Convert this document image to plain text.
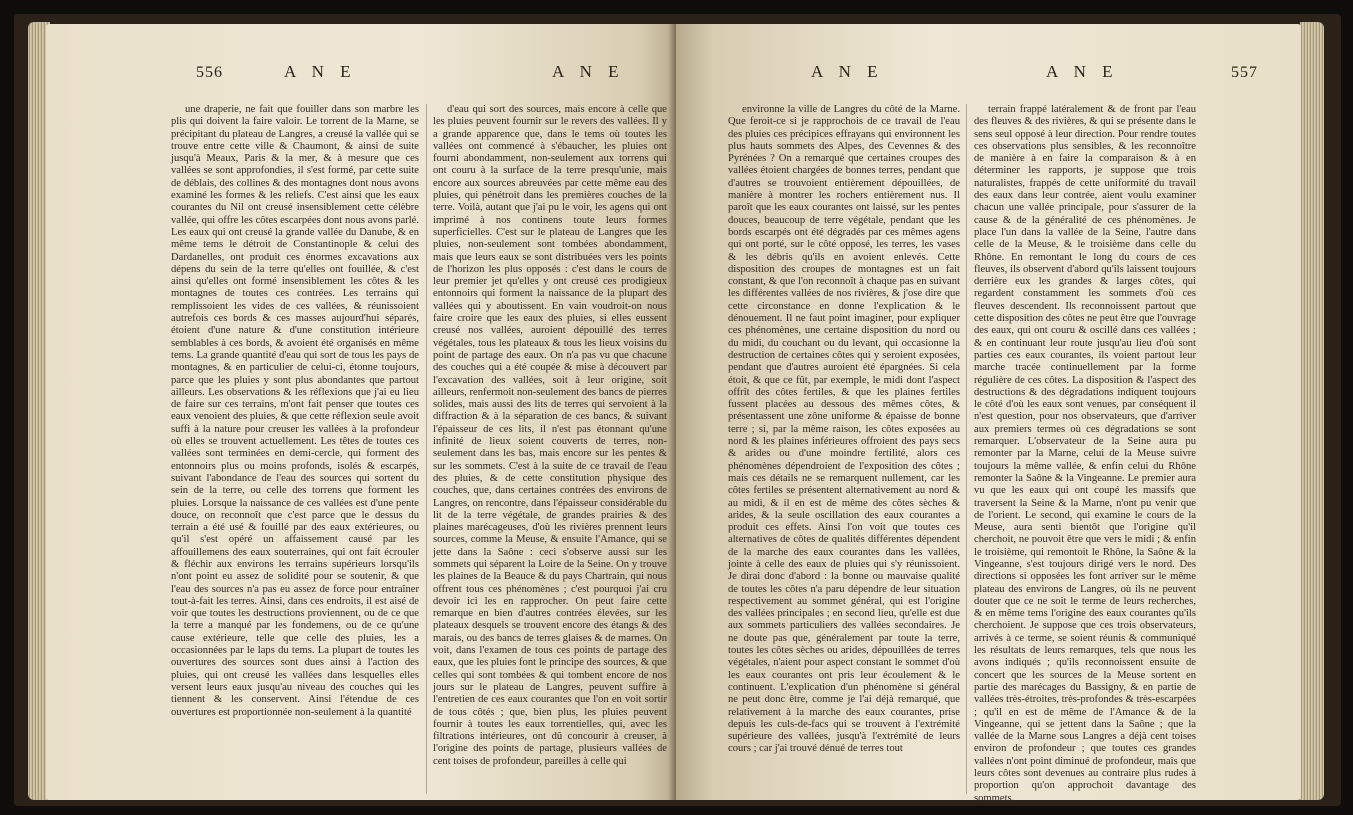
556	A N E	A N E

une draperie, ne fait que fouiller dans son marbre les plis qui doivent la faire valoir. Le torrent de la Marne, se précipitant du plateau de Langres, a creusé la vallée qui se trouve entre cette ville & Chaumont, & ainsi de suite jusqu'à Meaux, Paris & la mer, & à mesure que ces vallées se sont approfondies, il s'est formé, par cette suite de déblais, des collines & des montagnes dont nous avons examiné les formes & les reliefs. C'est ainsi que les eaux courantes du Nil ont creusé insensiblement cette célèbre vallée, qui offre les côtes escarpées dont nous avons parlé. Les eaux qui ont creusé la grande vallée du Danube, & en même tems le détroit de Constantinople & celui des Dardanelles, ont produit ces énormes excavations aux dépens du sein de la terre qu'elles ont fouillée, & c'est ainsi qu'elles ont formé insensiblement les côtes & les montagnes de toutes ces contrées. Les terrains qui remplissoient les vides de ces vallées, & réunissoient autrefois ces bords & ces masses aujourd'hui séparés, étoient d'une nature & d'une constitution intérieure semblables à ces bords, & avoient été organisés en même tems. La grande quantité d'eau qui sort de tous les pays de montagnes, & en particulier de celui-ci, étonne toujours, parce que les pluies y sont plus abondantes que partout ailleurs. Les observations & les réflexions que j'ai eu lieu de faire sur ces terrains, m'ont fait penser que toutes ces eaux venoient des pluies, & que cette réflexion seule avoit suffi à la nature pour creuser les vallées à la profondeur où elles se trouvent actuellement. Les têtes de toutes ces vallées sont terminées en demi-cercle, qui forment des entonnoirs plus ou moins profonds, isolés & escarpés, suivant l'abondance de l'eau des sources qui sortent du sein de la terre, ou celle des torrens que forment les pluies. Lorsque la naissance de ces vallées est d'une pente douce, on reconnoît que c'est parce que le dessus du terrain a été usé & fouillé par des eaux extérieures, ou qu'il s'est opéré un affaissement causé par les affouillemens des eaux souterraines, qui ont fait écrouler & fléchir aux environs les terrains supérieurs lorsqu'ils n'ont point eu assez de solidité pour se soutenir, & que l'eau des sources n'a pas eu assez de force pour entraîner tout-à-fait les terres. Ainsi, dans ces endroits, il est aisé de voir que toutes les destructions proviennent, ou de ce que la terre a manqué par les fondemens, ou de ce qu'une cause extérieure, telle que celle des pluies, les a occasionnées par le laps du tems. La plupart de toutes les ouvertures des sources sont dues ainsi à l'action des pluies, qui ont creusé les vallées dans lesquelles elles versent leurs eaux jusqu'au niveau des couches qui les tiennent & les conservent. Ainsi l'étendue de ces ouvertures est proportionnée non-seulement à la quantité

d'eau qui sort des sources, mais encore à celle que les pluies peuvent fournir sur le revers des vallées. Il y a grande apparence que, dans le tems où toutes les vallées ont commencé à s'ébaucher, les pluies ont fourni abondamment, non-seulement aux torrens qui ont couru à la surface de la terre presqu'unie, mais encore aux sources abreuvées par cette même eau des pluies, qui pénétroit dans les premières couches de la terre. Voilà, autant que j'ai pu le voir, les agens qui ont imprimé à nos continens toute leurs formes superficielles. C'est sur le plateau de Langres que les pluies, non-seulement sont tombées abondamment, mais que leurs eaux se sont distribuées vers les points de l'horizon les plus opposés : c'est dans le cours de leur premier jet qu'elles y ont creusé ces prodigieux entonnoirs qui forment la naissance de la plupart des vallées qui y aboutissent. En vain voudroit-on nous faire croire que les eaux des pluies, si elles eussent creusé nos vallées, auroient dépouillé des terres végétales, tous les plateaux & tous les lieux voisins du point de partage des eaux. On n'a pas vu que chacune des couches qui a été coupée & mise à découvert par l'excavation des vallées, soit à leur origine, soit ailleurs, renfermoit non-seulement des bancs de pierres solides, mais aussi des lits de terres qui servoient à la diffraction & à la séparation de ces bancs, & suivant l'épaisseur de ces lits, il n'est pas étonnant qu'une infinité de lieux soient couverts de terres, non-seulement dans les bas, mais encore sur les pentes & sur les sommets. C'est à la suite de ce travail de l'eau des pluies, & de cette constitution physique des couches, que, dans certaines contrées des environs de Langres, on rencontre, dans l'épaisseur considérable du lit de la terre végétale, de grandes prairies & des plaines marécageuses, d'où les rivières prennent leurs sources, comme la Meuse, & ensuite l'Amance, qui se jette dans la Saône : ceci s'observe aussi sur les sommets qui séparent la Loire de la Seine. On y trouve les plaines de la Beauce & du pays Chartrain, qui nous offrent tous ces phénomènes ; c'est pourquoi j'ai cru devoir ici les en rapprocher. On peut faire cette remarque en bien d'autres contrées élevées, sur les plateaux desquels se trouvent encore des étangs & des marais, ou des bancs de terres glaises & de marnes. On voit, dans l'examen de tous ces points de partage des eaux, que les pluies font le principe des sources, & que celles qui sont tombées & qui tombent encore de nos jours sur le plateau de Langres, peuvent suffire à l'entretien de ces eaux courantes que l'on en voit sortir de tous côtés ; que, bien plus, les pluies peuvent fournir à toutes les eaux torrentielles, qui, avec les filtrations intérieures, ont dû concourir à creuser, à l'origine des points de partage, plusieurs vallées de cent toises de profondeur, pareilles à celle qui

A N E	A N E	557

environne la ville de Langres du côté de la Marne. Que feroit-ce si je rapprochois de ce travail de l'eau des pluies ces précipices effrayans qui environnent les plus hauts sommets des Alpes, des Cevennes & des Pyrénées ? On a remarqué que certaines croupes des vallées étoient chargées de bonnes terres, pendant que d'autres se trouvoient entièrement dépouillées, de manière à montrer les rochers entièrement nus. Il paroît que les eaux courantes ont laissé, sur les pentes douces, beaucoup de terre végétale, pendant que les bords escarpés ont été dégradés par ces mêmes agens qui ont porté, sur le côté opposé, les terres, les vases & les débris qu'ils en avoient enlevés. Cette disposition des croupes de montagnes est un fait constant, & que l'on reconnoît à chaque pas en suivant les différentes vallées de nos rivières, & j'ose dire que cette circonstance en donne l'explication & le dénouement. Il ne faut point imaginer, pour expliquer ces phénomènes, une certaine disposition du nord ou du midi, du couchant ou du levant, qui occasionne la destruction de certaines côtes qui y seroient exposées, pendant que d'autres auroient été épargnées. Si cela étoit, & que ce fût, par exemple, le midi dont l'aspect offrît des côtes fertiles, & que les plaines fertiles fussent placées au dessous des mêmes côtes, & présentassent une zône uniforme & épaisse de bonne terre ; si, par la même raison, les côtes exposées au nord & les plaines inférieures offroient des pays secs & arides ou d'une moindre fertilité, alors ces phénomènes dépendroient de l'exposition des côtes ; mais ces détails ne se remarquent nullement, car les côtes fertiles se présentent alternativement au nord & au midi, & il en est de même des côtes sèches & arides, & la seule oscillation des eaux courantes a produit ces effets. Ainsi l'on voit que toutes ces alternatives de côtes de qualités différentes dépendent de la marche des eaux courantes dans les vallées, jointe à celle des eaux de pluies qui s'y réunissoient. Je dirai donc d'abord : la bonne ou mauvaise qualité de toutes les côtes n'a paru dépendre de leur situation respectivement au sommet général, qui est l'origine des vallées principales ; en second lieu, qu'elle est due aux sommets particuliers des vallées secondaires. Je ne doute pas que, généralement par toute la terre, toutes les côtes sèches ou arides, dépouillées de terres végétales, n'aient pour aspect constant le sommet d'où les eaux courantes ont pris leur écoulement & le continuent. L'explication d'un phénomène si général ne peut donc être, comme je l'ai déjà remarqué, que relativement à la marche des eaux courantes, prise depuis les culs-de-facs qui se trouvent à l'extrémité supérieure des vallées, jusqu'à l'extrémité de leurs cours ; car j'ai trouvé dénué de terres tout

terrain frappé latéralement & de front par l'eau des fleuves & des rivières, & qui se présente dans le sens seul opposé à leur direction. Pour rendre toutes ces observations plus sensibles, & les reconnoître de manière à en faire la comparaison & à en déterminer les rapports, je suppose que trois naturalistes, frappés de cette uniformité du travail des eaux dans leur contrée, aient voulu examiner chacun une vallée principale, pour s'assurer de la cause & de la généralité de ces phénomènes. Je place l'un dans la vallée de la Seine, l'autre dans celle de la Meuse, & le troisième dans celle du Rhône. En remontant le long du cours de ces fleuves, ils observent d'abord qu'ils laissent toujours derrière eux les grandes & larges côtes, qui regardent constamment les sommets d'où ces fleuves descendent. Ils reconnoissent partout que cette disposition des côtes ne peut être que l'ouvrage des eaux, qui ont couru & oscillé dans ces vallées ; & en continuant leur route jusqu'au lieu d'où sont parties ces eaux courantes, ils voient partout leur marche tracée continuellement par la forme régulière de ces côtes. La disposition & l'aspect des destructions & des dégradations indiquent toujours le côté d'où les eaux sont venues, par conséquent il n'est question, pour nos observateurs, que d'arriver aux premiers termes où ces dégradations se sont remarquer. L'observateur de la Seine aura pu remonter par la Marne, celui de la Meuse suivre toujours la même vallée, & enfin celui du Rhône remonter la Saône & la Vingeanne. Le premier aura vu que les eaux qui ont coupé les massifs que traversent la Seine & la Marne, n'ont pu venir que de l'orient. Le second, qui examine le cours de la Meuse, aura senti bientôt que l'origine qu'il cherchoit, ne pouvoit être que vers le midi ; & enfin le troisième, qui remontoit le Rhône, la Saône & la Vingeanne, s'est toujours dirigé vers le nord. Des directions si opposées les font arriver sur le même plateau des environs de Langres, où ils ne peuvent douter que ce ne soit le terme de leurs recherches, & en même tems l'origine des eaux courantes qu'ils cherchoient. Je suppose que ces trois observateurs, arrivés à ce terme, se soient réunis & communiqué les résultats de leurs remarques, tels que nous les avons indiqués ; qu'ils reconnoissent ensuite de concert que les sources de la Meuse sortent en partie des marécages du Bassigny, & en partie de vallées très-étroites, très-profondes & très-escarpées ; qu'il en est de même de l'Amance & de la Vingeanne, qui se jettent dans la Saône ; que la vallée de la Marne sous Langres a déjà cent toises environ de profondeur ; que toutes ces grandes vallées n'ont point diminué de profondeur, mais que leurs côtes sont devenues au contraire plus rudes à proportion qu'on approchoit davantage des sommets.
